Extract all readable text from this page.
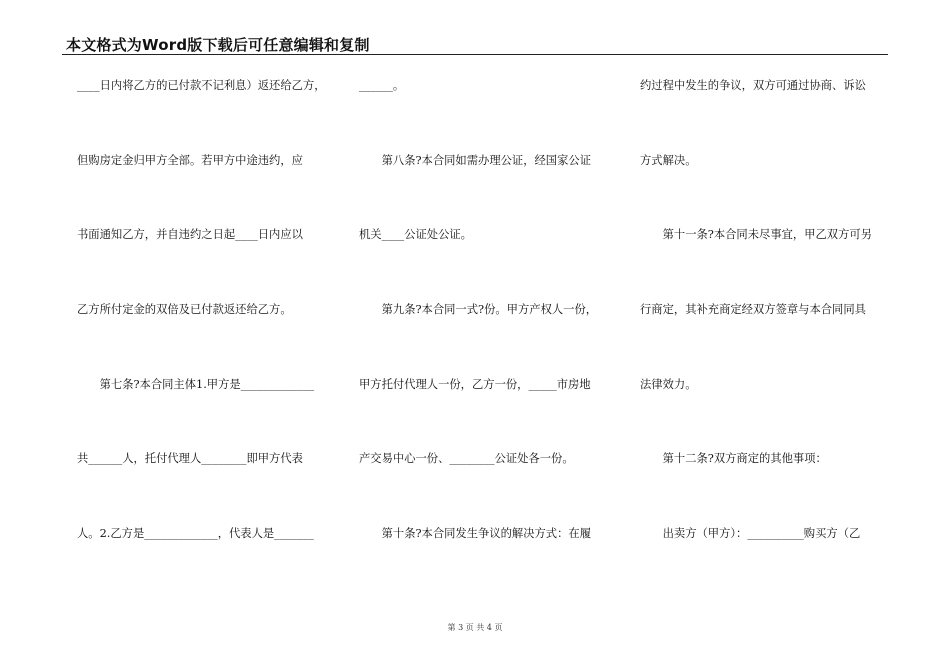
本文格式为Word版下载后可任意编辑和复制
____日内将乙方的已付款不记利息）返还给乙方，
但购房定金归甲方全部。若甲方中途违约，应
书面通知乙方，并自违约之日起____日内应以
乙方所付定金的双倍及已付款返还给乙方。
　　第七条?本合同主体1.甲方是_____________
共______人，托付代理人________即甲方代表
人。2.乙方是_____________，代表人是_______
______。
　　第八条?本合同如需办理公证，经国家公证
机关____公证处公证。
　　第九条?本合同一式?份。甲方产权人一份，
甲方托付代理人一份，乙方一份，_____市房地
产交易中心一份、________公证处各一份。
　　第十条?本合同发生争议的解决方式：在履
约过程中发生的争议，双方可通过协商、诉讼
方式解决。
　　第十一条?本合同未尽事宜，甲乙双方可另
行商定，其补充商定经双方签章与本合同同具
法律效力。
　　第十二条?双方商定的其他事项：
　　出卖方（甲方）：__________购买方（乙
第 3 页 共 4 页
